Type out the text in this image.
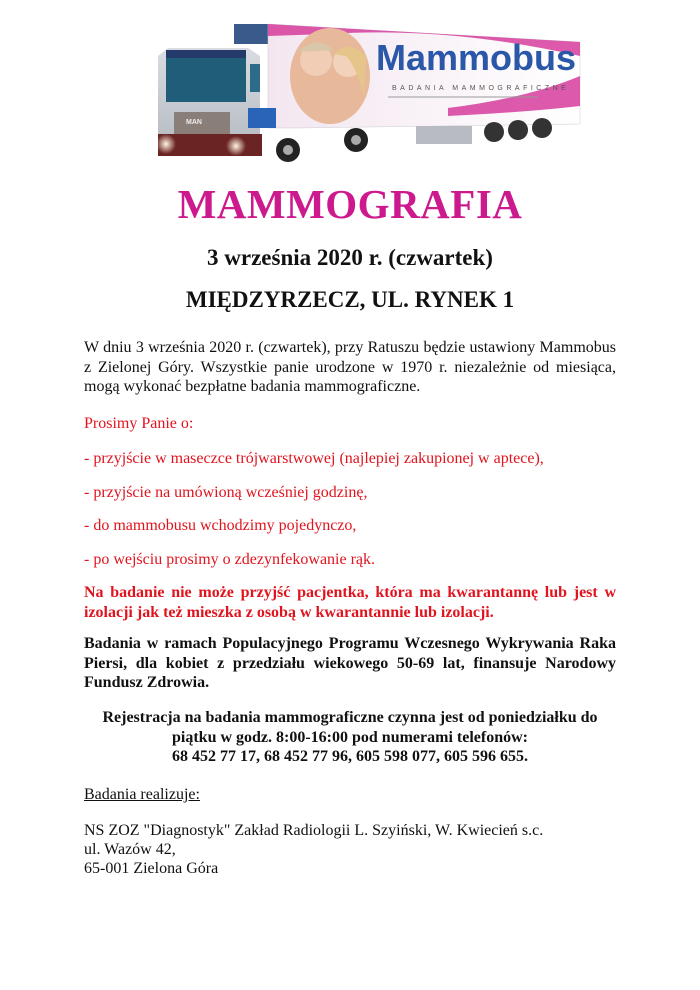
Mammobus
BADANIA MAMMOGRAFICZNE
MAN
MAMMOGRAFIA
3 września 2020 r. (czwartek)
MIĘDZYRZECZ, UL. RYNEK 1

W dniu 3 września 2020 r. (czwartek), przy Ratuszu będzie ustawiony Mammobus z Zielonej Góry. Wszystkie panie urodzone w 1970 r. niezależnie od miesiąca, mogą wykonać bezpłatne badania mammograficzne.

Prosimy Panie o:

- przyjście w maseczce trójwarstwowej (najlepiej zakupionej w aptece),

- przyjście na umówioną wcześniej godzinę,

- do mammobusu wchodzimy pojedynczo,

- po wejściu prosimy o zdezynfekowanie rąk.

Na badanie nie może przyjść pacjentka, która ma kwarantannę lub jest w izolacji jak też mieszka z osobą w kwarantannie lub izolacji.

Badania w ramach Populacyjnego Programu Wczesnego Wykrywania Raka Piersi, dla kobiet z przedziału wiekowego 50-69 lat, finansuje Narodowy Fundusz Zdrowia.

Rejestracja na badania mammograficzne czynna jest od poniedziałku do
piątku w godz. 8:00-16:00 pod numerami telefonów:
68 452 77 17, 68 452 77 96, 605 598 077, 605 596 655.

Badania realizuje:

NS ZOZ "Diagnostyk" Zakład Radiologii L. Szyiński, W. Kwiecień s.c.
ul. Wazów 42,
65-001 Zielona Góra
